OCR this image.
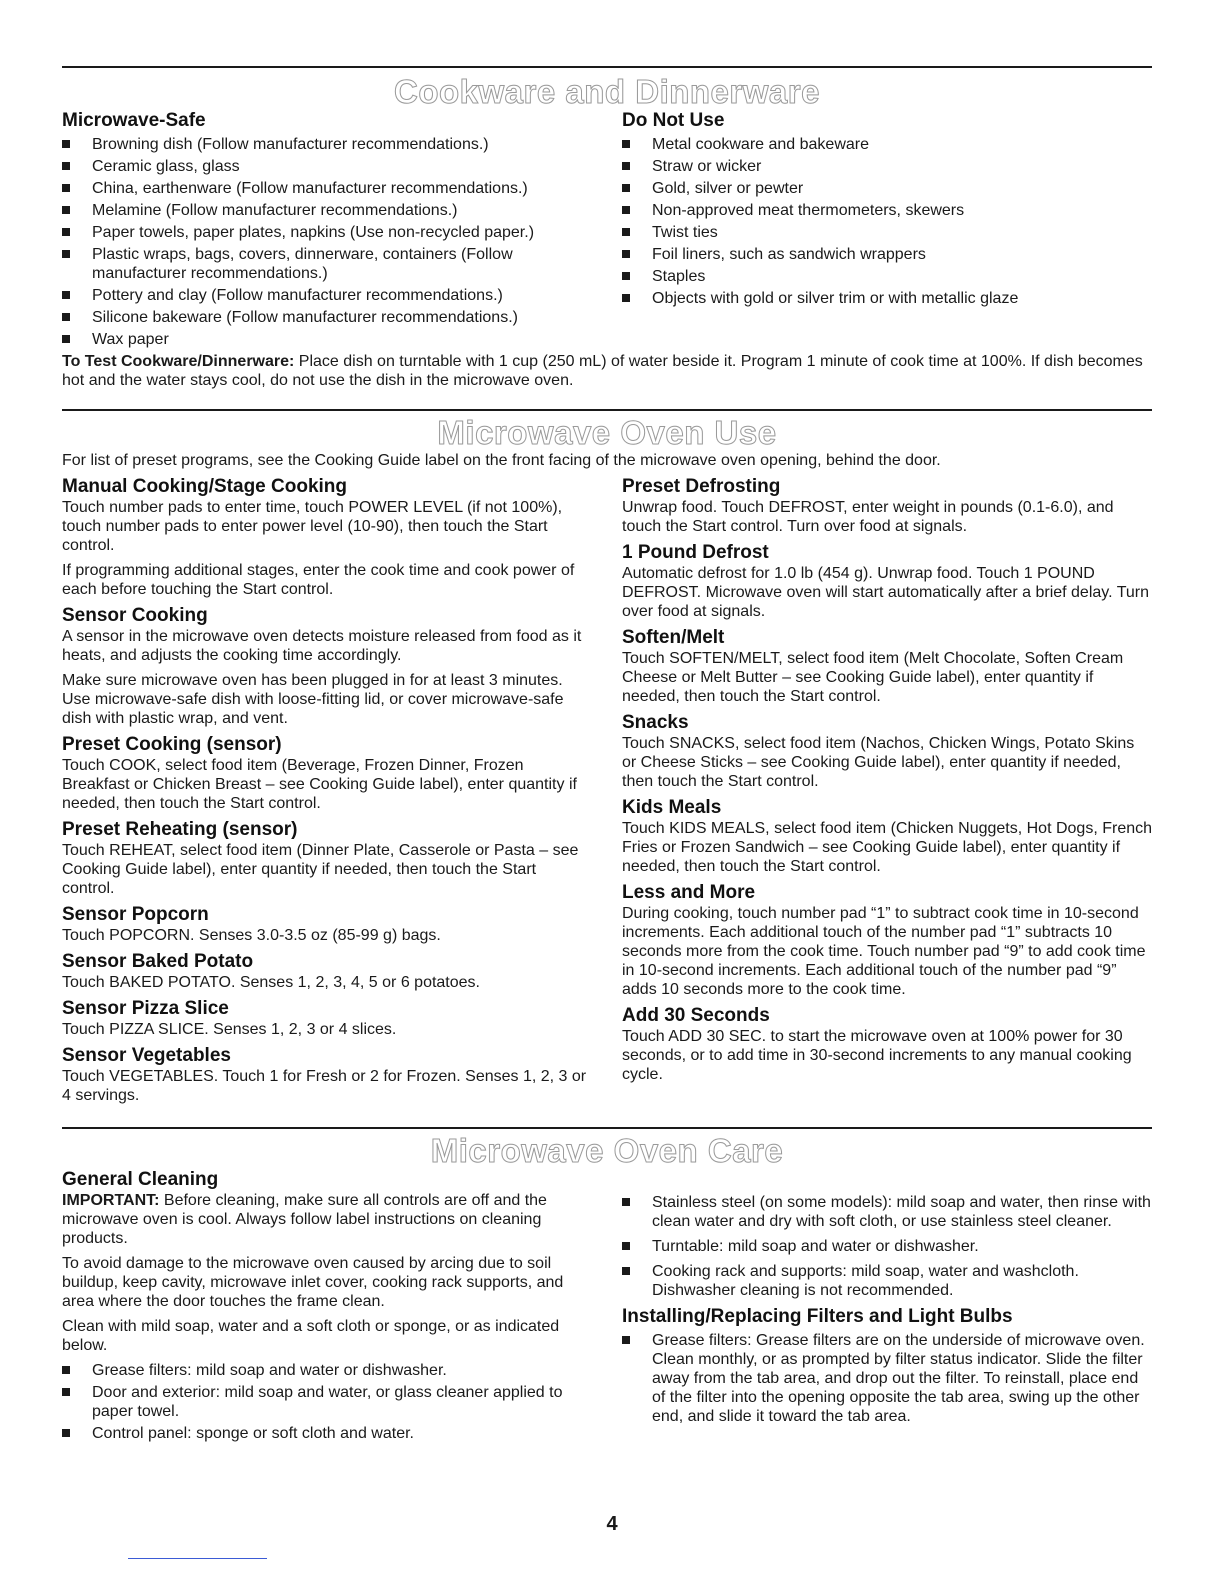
Cookware and Dinnerware
Microwave-Safe
Browning dish (Follow manufacturer recommendations.)
Ceramic glass, glass
China, earthenware (Follow manufacturer recommendations.)
Melamine (Follow manufacturer recommendations.)
Paper towels, paper plates, napkins (Use non-recycled paper.)
Plastic wraps, bags, covers, dinnerware, containers (Follow manufacturer recommendations.)
Pottery and clay (Follow manufacturer recommendations.)
Silicone bakeware (Follow manufacturer recommendations.)
Wax paper
Do Not Use
Metal cookware and bakeware
Straw or wicker
Gold, silver or pewter
Non-approved meat thermometers, skewers
Twist ties
Foil liners, such as sandwich wrappers
Staples
Objects with gold or silver trim or with metallic glaze

To Test Cookware/Dinnerware: Place dish on turntable with 1 cup (250 mL) of water beside it. Program 1 minute of cook time at 100%. If dish becomes hot and the water stays cool, do not use the dish in the microwave oven.

Microwave Oven Use

For list of preset programs, see the Cooking Guide label on the front facing of the microwave oven opening, behind the door.

Manual Cooking/Stage Cooking

Touch number pads to enter time, touch POWER LEVEL (if not 100%), touch number pads to enter power level (10-90), then touch the Start control.

If programming additional stages, enter the cook time and cook power of each before touching the Start control.

Sensor Cooking

A sensor in the microwave oven detects moisture released from food as it heats, and adjusts the cooking time accordingly.

Make sure microwave oven has been plugged in for at least 3 minutes. Use microwave-safe dish with loose-fitting lid, or cover microwave-safe dish with plastic wrap, and vent.

Preset Cooking (sensor)

Touch COOK, select food item (Beverage, Frozen Dinner, Frozen Breakfast or Chicken Breast – see Cooking Guide label), enter quantity if needed, then touch the Start control.

Preset Reheating (sensor)

Touch REHEAT, select food item (Dinner Plate, Casserole or Pasta – see Cooking Guide label), enter quantity if needed, then touch the Start control.

Sensor Popcorn

Touch POPCORN. Senses 3.0-3.5 oz (85-99 g) bags.

Sensor Baked Potato

Touch BAKED POTATO. Senses 1, 2, 3, 4, 5 or 6 potatoes.

Sensor Pizza Slice

Touch PIZZA SLICE. Senses 1, 2, 3 or 4 slices.

Sensor Vegetables

Touch VEGETABLES. Touch 1 for Fresh or 2 for Frozen. Senses 1, 2, 3 or 4 servings.

Preset Defrosting

Unwrap food. Touch DEFROST, enter weight in pounds (0.1-6.0), and touch the Start control. Turn over food at signals.

1 Pound Defrost

Automatic defrost for 1.0 lb (454 g). Unwrap food. Touch 1 POUND DEFROST. Microwave oven will start automatically after a brief delay. Turn over food at signals.

Soften/Melt

Touch SOFTEN/MELT, select food item (Melt Chocolate, Soften Cream Cheese or Melt Butter – see Cooking Guide label), enter quantity if needed, then touch the Start control.

Snacks

Touch SNACKS, select food item (Nachos, Chicken Wings, Potato Skins or Cheese Sticks – see Cooking Guide label), enter quantity if needed, then touch the Start control.

Kids Meals

Touch KIDS MEALS, select food item (Chicken Nuggets, Hot Dogs, French Fries or Frozen Sandwich – see Cooking Guide label), enter quantity if needed, then touch the Start control.

Less and More

During cooking, touch number pad “1” to subtract cook time in 10-second increments. Each additional touch of the number pad “1” subtracts 10 seconds more from the cook time. Touch number pad “9” to add cook time in 10-second increments. Each additional touch of the number pad “9” adds 10 seconds more to the cook time.

Add 30 Seconds

Touch ADD 30 SEC. to start the microwave oven at 100% power for 30 seconds, or to add time in 30-second increments to any manual cooking cycle.

Microwave Oven Care
General Cleaning

IMPORTANT: Before cleaning, make sure all controls are off and the microwave oven is cool. Always follow label instructions on cleaning products.

To avoid damage to the microwave oven caused by arcing due to soil buildup, keep cavity, microwave inlet cover, cooking rack supports, and area where the door touches the frame clean.

Clean with mild soap, water and a soft cloth or sponge, or as indicated below.

Grease filters: mild soap and water or dishwasher.
Door and exterior: mild soap and water, or glass cleaner applied to paper towel.
Control panel: sponge or soft cloth and water.
Stainless steel (on some models): mild soap and water, then rinse with clean water and dry with soft cloth, or use stainless steel cleaner.
Turntable: mild soap and water or dishwasher.
Cooking rack and supports: mild soap, water and washcloth. Dishwasher cleaning is not recommended.
Installing/Replacing Filters and Light Bulbs
Grease filters: Grease filters are on the underside of microwave oven. Clean monthly, or as prompted by filter status indicator. Slide the filter away from the tab area, and drop out the filter. To reinstall, place end of the filter into the opening opposite the tab area, swing up the other end, and slide it toward the tab area.
4
